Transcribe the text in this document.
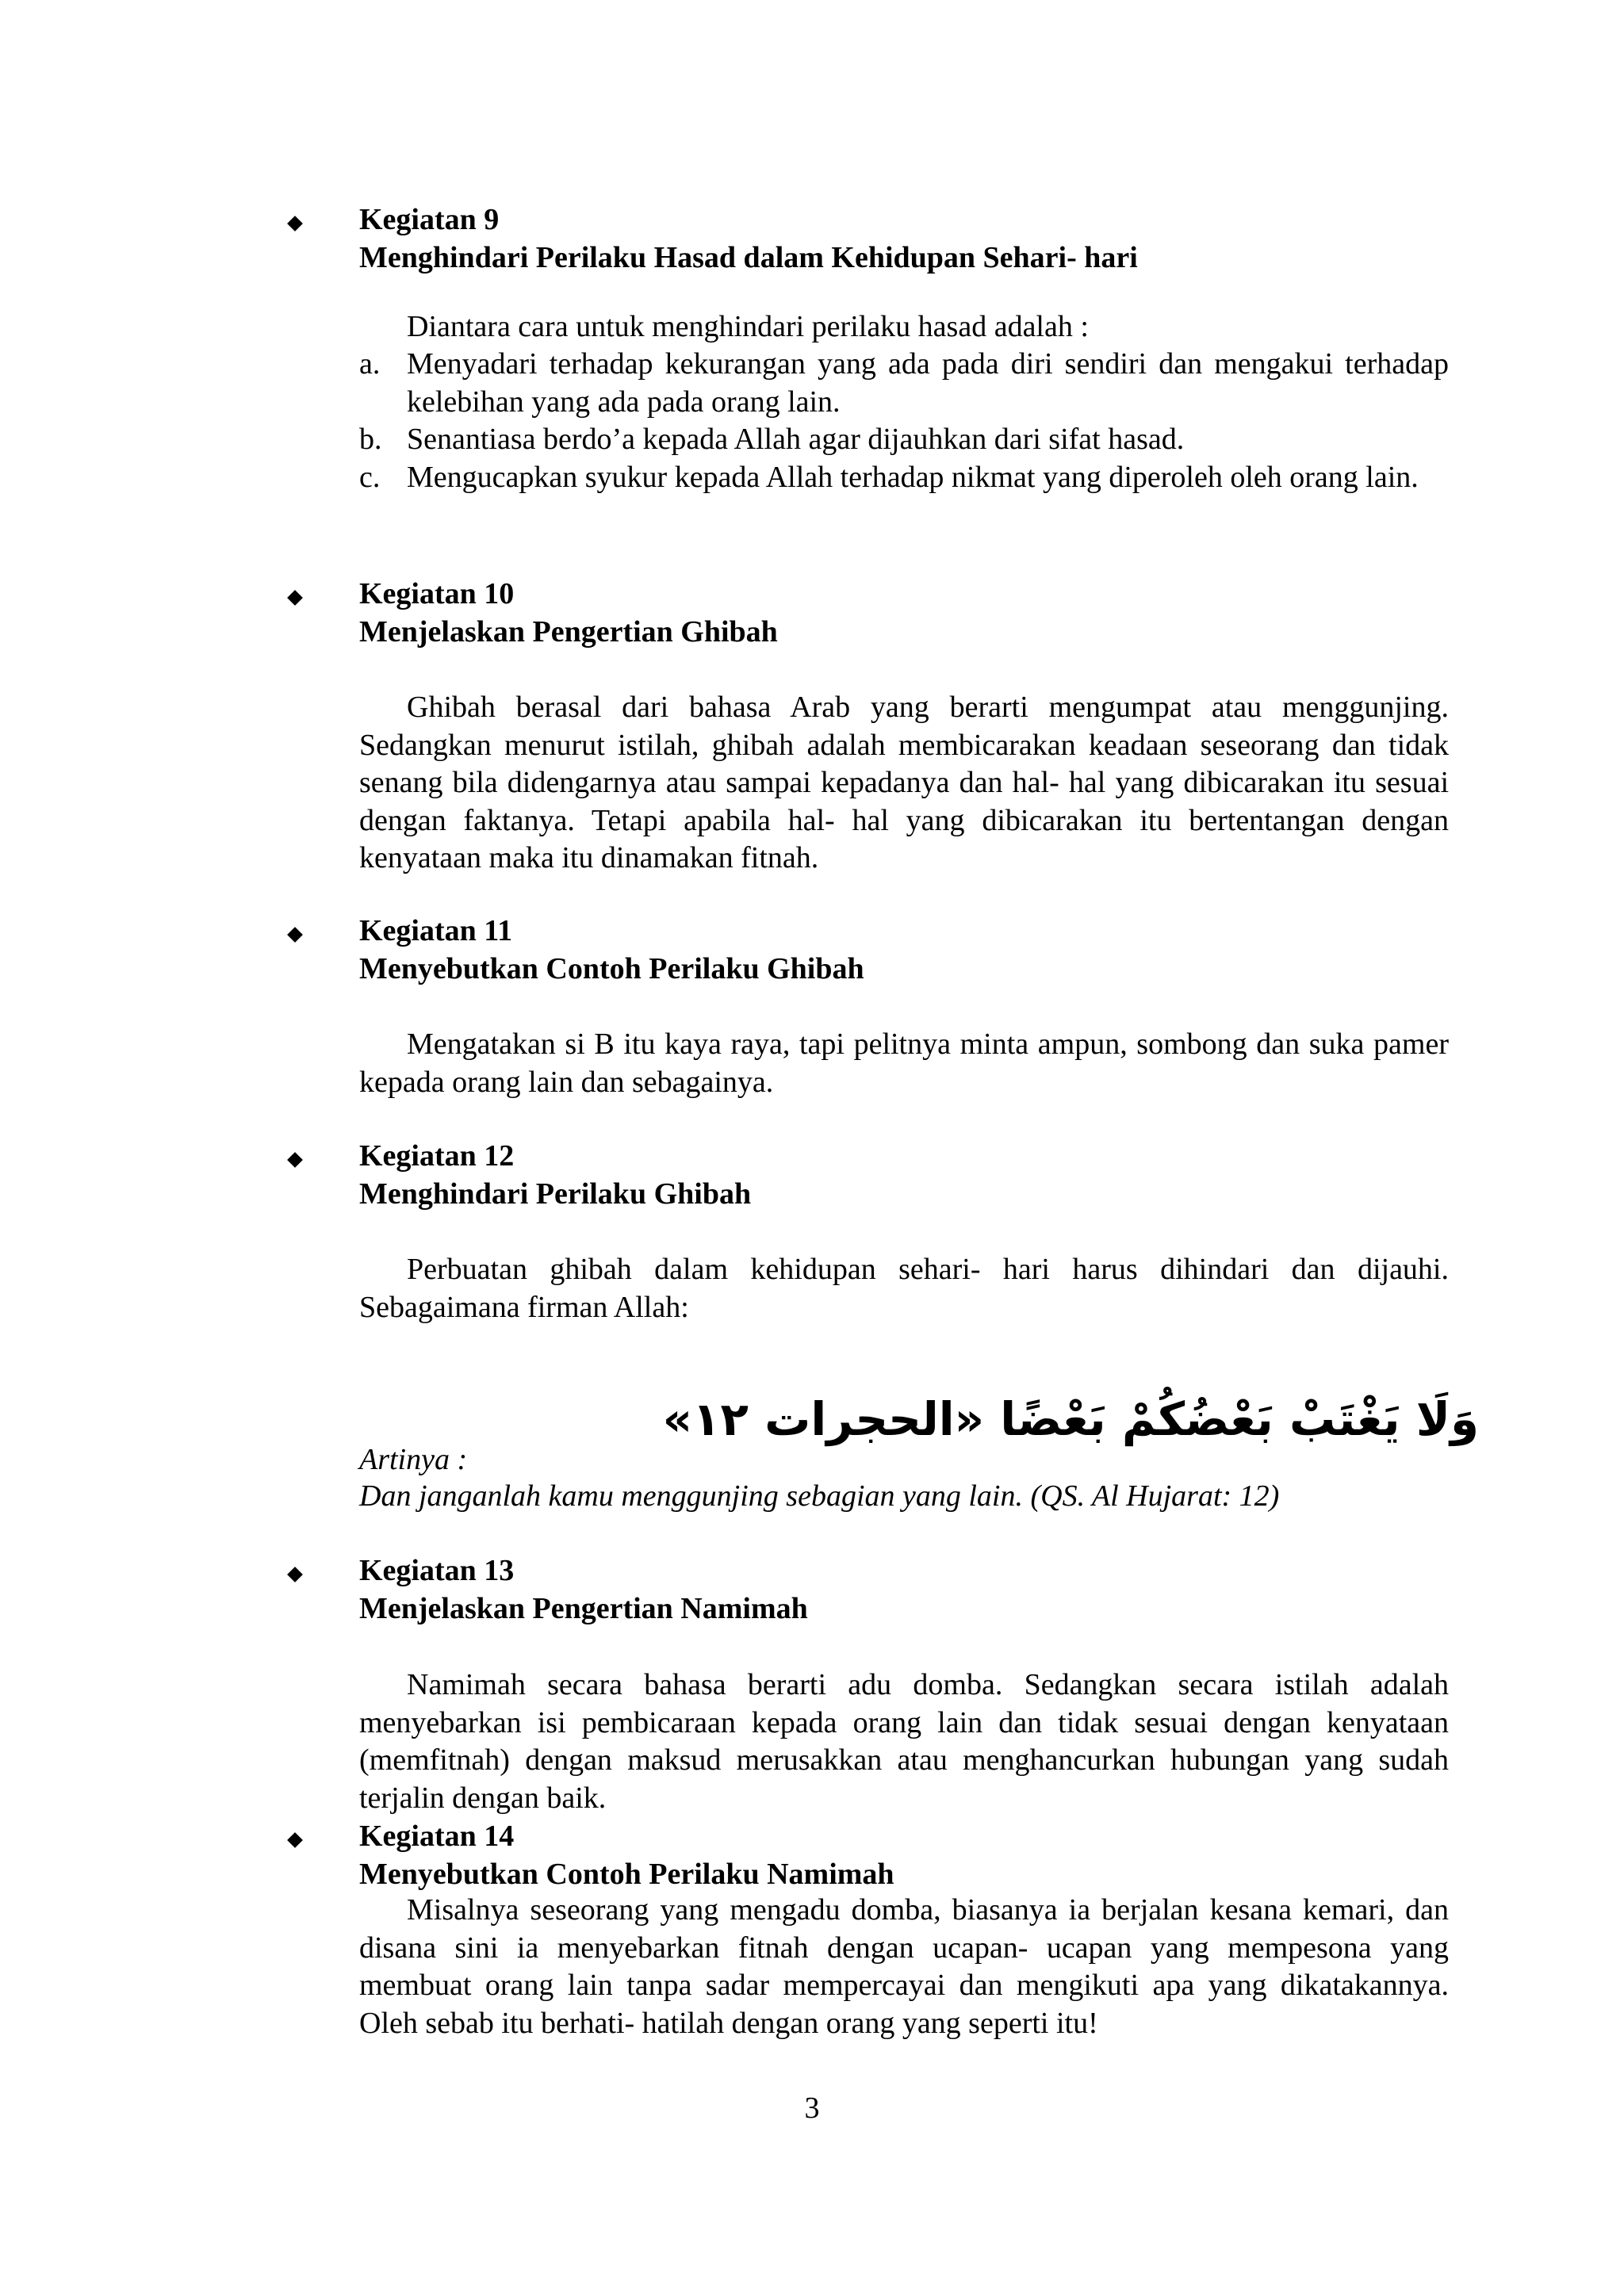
Kegiatan 9

Menghindari Perilaku Hasad dalam Kehidupan Sehari- hari

Diantara cara untuk menghindari perilaku hasad adalah :

a. Menyadari terhadap kekurangan yang ada pada diri sendiri dan mengakui terhadap kelebihan yang ada pada orang lain.
b. Senantiasa berdo’a kepada Allah agar dijauhkan dari sifat hasad.
c. Mengucapkan syukur kepada Allah terhadap nikmat yang diperoleh oleh orang lain.

Kegiatan 10

Menjelaskan Pengertian Ghibah

Ghibah berasal dari bahasa Arab yang berarti mengumpat atau menggunjing. Sedangkan menurut istilah, ghibah adalah membicarakan keadaan seseorang dan tidak senang bila didengarnya atau sampai kepadanya dan hal- hal yang dibicarakan itu sesuai dengan faktanya. Tetapi apabila hal- hal yang dibicarakan itu bertentangan dengan kenyataan maka itu dinamakan fitnah.

Kegiatan 11

Menyebutkan Contoh Perilaku Ghibah

Mengatakan si B itu kaya raya, tapi pelitnya minta ampun, sombong dan suka pamer kepada orang lain dan sebagainya.

Kegiatan 12

Menghindari Perilaku Ghibah

Perbuatan ghibah dalam kehidupan sehari- hari harus dihindari dan dijauhi. Sebagaimana firman Allah:

وَلَا يَغْتَبْ بَعْضُكُمْ بَعْضًا «الحجرات ١٢»

Artinya :

Dan janganlah kamu menggunjing sebagian yang lain. (QS. Al Hujarat: 12)

Kegiatan 13

Menjelaskan Pengertian Namimah

Namimah secara bahasa berarti adu domba. Sedangkan secara istilah adalah menyebarkan isi pembicaraan kepada orang lain dan tidak sesuai dengan kenyataan (memfitnah) dengan maksud merusakkan atau menghancurkan hubungan yang sudah terjalin dengan baik.

Kegiatan 14

Menyebutkan Contoh Perilaku Namimah

Misalnya seseorang yang mengadu domba, biasanya ia berjalan kesana kemari, dan disana sini ia menyebarkan fitnah dengan ucapan- ucapan yang mempesona yang membuat orang lain tanpa sadar mempercayai dan mengikuti apa yang dikatakannya. Oleh sebab itu berhati- hatilah dengan orang yang seperti itu!

3
